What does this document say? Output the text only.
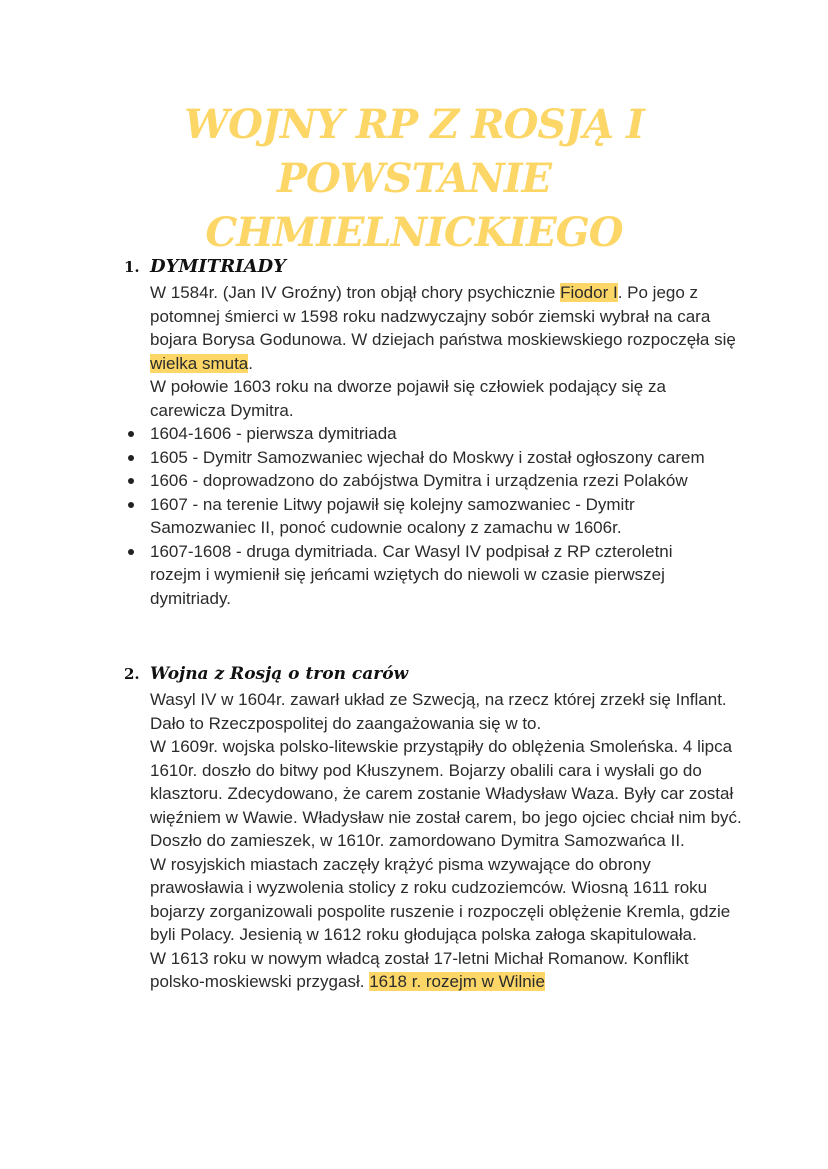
WOJNY RP Z ROSJĄ I
POWSTANIE
CHMIELNICKIEGO
1. DYMITRIADY

W 1584r. (Jan IV Groźny) tron objął chory psychicznie Fiodor I. Po jego z potomnej śmierci w 1598 roku nadzwyczajny sobór ziemski wybrał na cara bojara Borysa Godunowa. W dziejach państwa moskiewskiego rozpoczęła się wielka smuta.

W połowie 1603 roku na dworze pojawił się człowiek podający się za carewicza Dymitra.

1604-1606 - pierwsza dymitriada
1605 - Dymitr Samozwaniec wjechał do Moskwy i został ogłoszony carem
1606 - doprowadzono do zabójstwa Dymitra i urządzenia rzezi Polaków
1607 - na terenie Litwy pojawił się kolejny samozwaniec - Dymitr Samozwaniec II, ponoć cudownie ocalony z zamachu w 1606r.
1607-1608 - druga dymitriada. Car Wasyl IV podpisał z RP czteroletni rozejm i wymienił się jeńcami wziętych do niewoli w czasie pierwszej dymitriady.
2. Wojna z Rosją o tron carów

Wasyl IV w 1604r. zawarł układ ze Szwecją, na rzecz której zrzekł się Inflant. Dało to Rzeczpospolitej do zaangażowania się w to.

W 1609r. wojska polsko-litewskie przystąpiły do oblężenia Smoleńska. 4 lipca 1610r. doszło do bitwy pod Kłuszynem. Bojarzy obalili cara i wysłali go do klasztoru. Zdecydowano, że carem zostanie Władysław Waza. Były car został więźniem w Wawie. Władysław nie został carem, bo jego ojciec chciał nim być. Doszło do zamieszek, w 1610r. zamordowano Dymitra Samozwańca II.

W rosyjskich miastach zaczęły krążyć pisma wzywające do obrony prawosławia i wyzwolenia stolicy z roku cudzoziemców. Wiosną 1611 roku bojarzy zorganizowali pospolite ruszenie i rozpoczęli oblężenie Kremla, gdzie byli Polacy. Jesienią w 1612 roku głodująca polska załoga skapitulowała.

W 1613 roku w nowym władcą został 17-letni Michał Romanow. Konflikt polsko-moskiewski przygasł. 1618 r. rozejm w Wilnie
